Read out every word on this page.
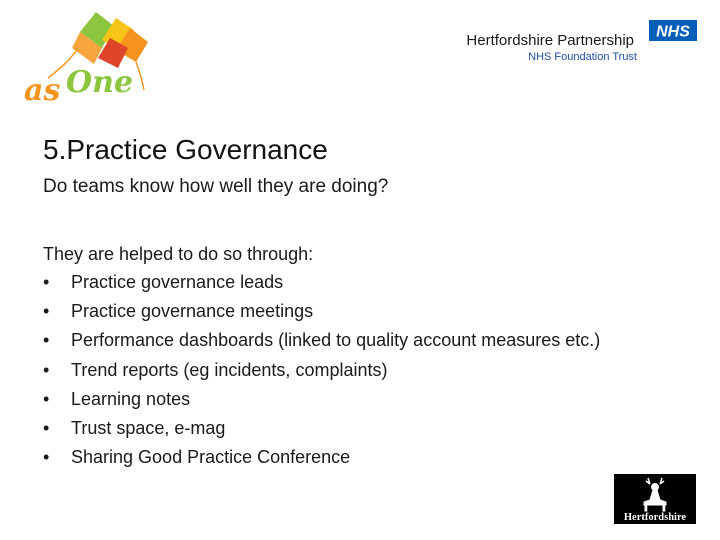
as One
Hertfordshire Partnership
NHS Foundation Trust
NHS
5.Practice Governance
Do teams know how well they are doing?
They are helped to do so through:
•	Practice governance leads
•	Practice governance meetings
•	Performance dashboards (linked to quality account measures etc.)
•	Trend reports (eg incidents, complaints)
•	Learning notes
•	Trust space, e-mag
•	Sharing Good Practice Conference
Hertfordshire
